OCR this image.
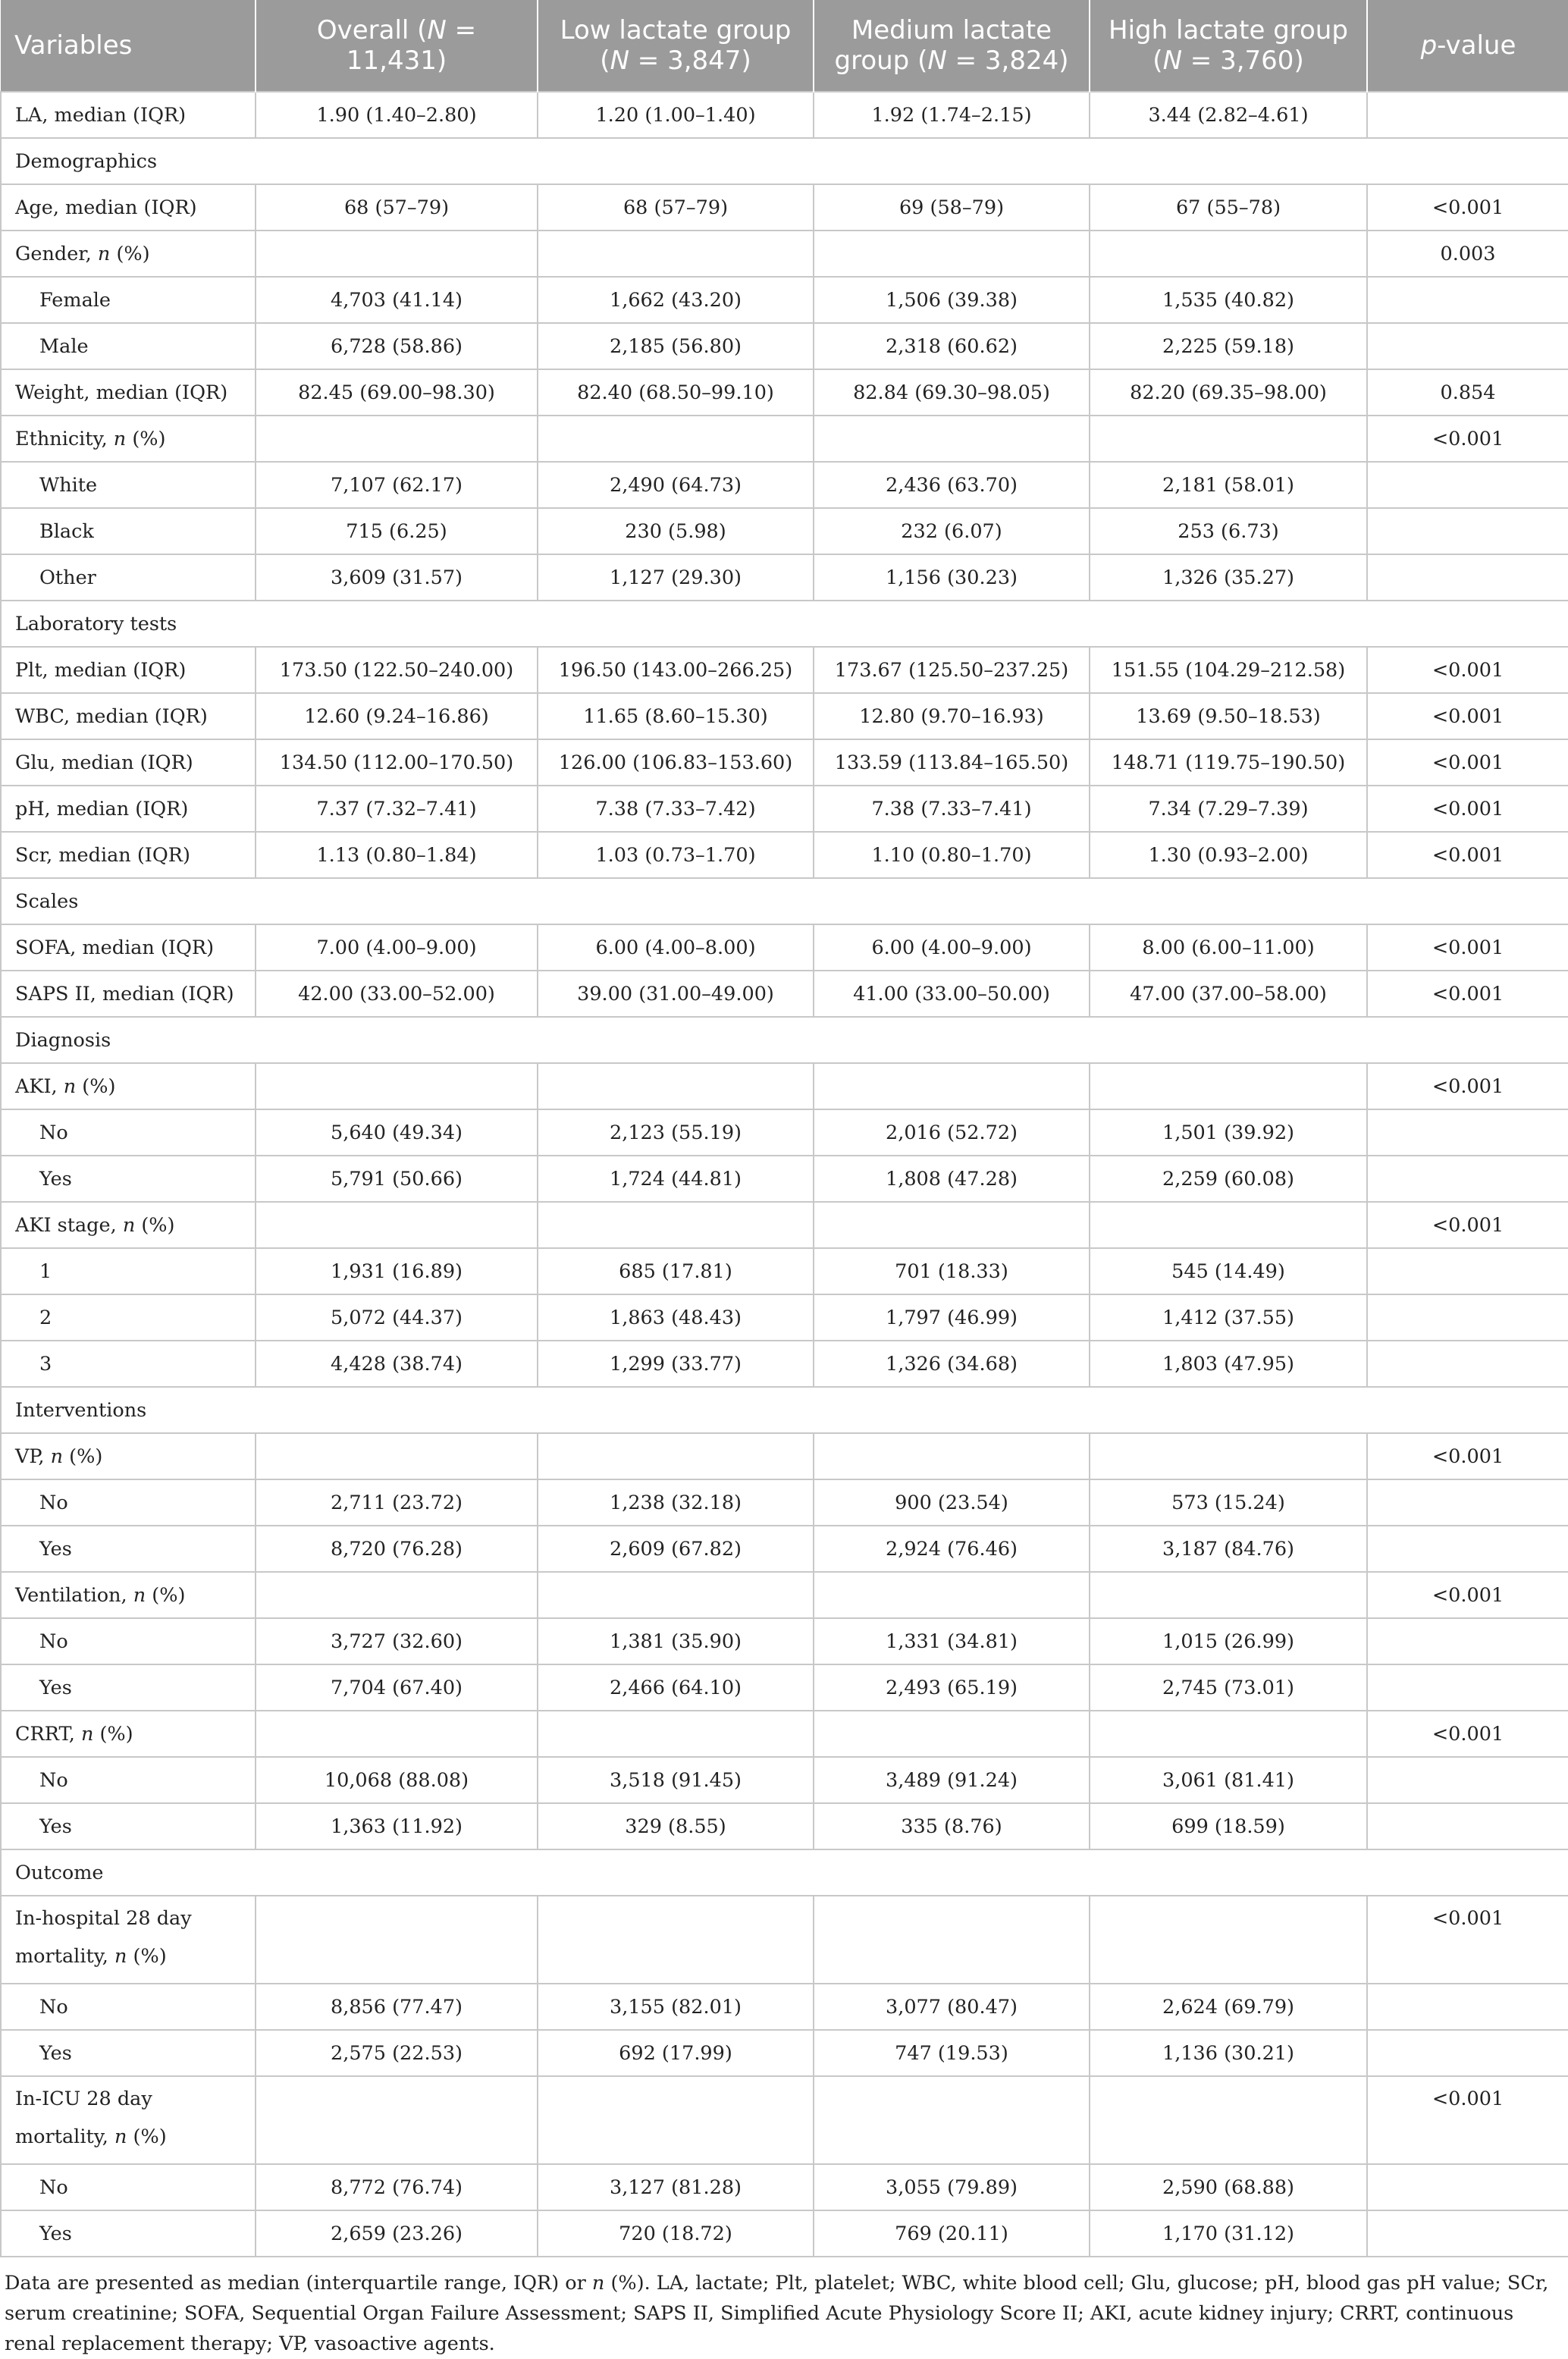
Variables	Overall (N = 11,431)	Low lactate group (N = 3,847)	Medium lactate group (N = 3,824)	High lactate group (N = 3,760)	p-value
LA, median (IQR)	1.90 (1.40–2.80)	1.20 (1.00–1.40)	1.92 (1.74–2.15)	3.44 (2.82–4.61)	
Demographics					
Age, median (IQR)	68 (57–79)	68 (57–79)	69 (58–79)	67 (55–78)	<0.001
Gender, n (%)					0.003
Female	4,703 (41.14)	1,662 (43.20)	1,506 (39.38)	1,535 (40.82)	
Male	6,728 (58.86)	2,185 (56.80)	2,318 (60.62)	2,225 (59.18)	
Weight, median (IQR)	82.45 (69.00–98.30)	82.40 (68.50–99.10)	82.84 (69.30–98.05)	82.20 (69.35–98.00)	0.854
Ethnicity, n (%)					<0.001
White	7,107 (62.17)	2,490 (64.73)	2,436 (63.70)	2,181 (58.01)	
Black	715 (6.25)	230 (5.98)	232 (6.07)	253 (6.73)	
Other	3,609 (31.57)	1,127 (29.30)	1,156 (30.23)	1,326 (35.27)	
Laboratory tests					
Plt, median (IQR)	173.50 (122.50–240.00)	196.50 (143.00–266.25)	173.67 (125.50–237.25)	151.55 (104.29–212.58)	<0.001
WBC, median (IQR)	12.60 (9.24–16.86)	11.65 (8.60–15.30)	12.80 (9.70–16.93)	13.69 (9.50–18.53)	<0.001
Glu, median (IQR)	134.50 (112.00–170.50)	126.00 (106.83–153.60)	133.59 (113.84–165.50)	148.71 (119.75–190.50)	<0.001
pH, median (IQR)	7.37 (7.32–7.41)	7.38 (7.33–7.42)	7.38 (7.33–7.41)	7.34 (7.29–7.39)	<0.001
Scr, median (IQR)	1.13 (0.80–1.84)	1.03 (0.73–1.70)	1.10 (0.80–1.70)	1.30 (0.93–2.00)	<0.001
Scales					
SOFA, median (IQR)	7.00 (4.00–9.00)	6.00 (4.00–8.00)	6.00 (4.00–9.00)	8.00 (6.00–11.00)	<0.001
SAPS II, median (IQR)	42.00 (33.00–52.00)	39.00 (31.00–49.00)	41.00 (33.00–50.00)	47.00 (37.00–58.00)	<0.001
Diagnosis					
AKI, n (%)					<0.001
No	5,640 (49.34)	2,123 (55.19)	2,016 (52.72)	1,501 (39.92)	
Yes	5,791 (50.66)	1,724 (44.81)	1,808 (47.28)	2,259 (60.08)	
AKI stage, n (%)					<0.001
1	1,931 (16.89)	685 (17.81)	701 (18.33)	545 (14.49)	
2	5,072 (44.37)	1,863 (48.43)	1,797 (46.99)	1,412 (37.55)	
3	4,428 (38.74)	1,299 (33.77)	1,326 (34.68)	1,803 (47.95)	
Interventions					
VP, n (%)					<0.001
No	2,711 (23.72)	1,238 (32.18)	900 (23.54)	573 (15.24)	
Yes	8,720 (76.28)	2,609 (67.82)	2,924 (76.46)	3,187 (84.76)	
Ventilation, n (%)					<0.001
No	3,727 (32.60)	1,381 (35.90)	1,331 (34.81)	1,015 (26.99)	
Yes	7,704 (67.40)	2,466 (64.10)	2,493 (65.19)	2,745 (73.01)	
CRRT, n (%)					<0.001
No	10,068 (88.08)	3,518 (91.45)	3,489 (91.24)	3,061 (81.41)	
Yes	1,363 (11.92)	329 (8.55)	335 (8.76)	699 (18.59)	
Outcome					
In-hospital 28 day mortality, n (%)					<0.001
No	8,856 (77.47)	3,155 (82.01)	3,077 (80.47)	2,624 (69.79)	
Yes	2,575 (22.53)	692 (17.99)	747 (19.53)	1,136 (30.21)	
In-ICU 28 day mortality, n (%)					<0.001
No	8,772 (76.74)	3,127 (81.28)	3,055 (79.89)	2,590 (68.88)	
Yes	2,659 (23.26)	720 (18.72)	769 (20.11)	1,170 (31.12)	
Data are presented as median (interquartile range, IQR) or n (%). LA, lactate; Plt, platelet; WBC, white blood cell; Glu, glucose; pH, blood gas pH value; SCr, serum creatinine; SOFA, Sequential Organ Failure Assessment; SAPS II, Simplified Acute Physiology Score II; AKI, acute kidney injury; CRRT, continuous renal replacement therapy; VP, vasoactive agents.
